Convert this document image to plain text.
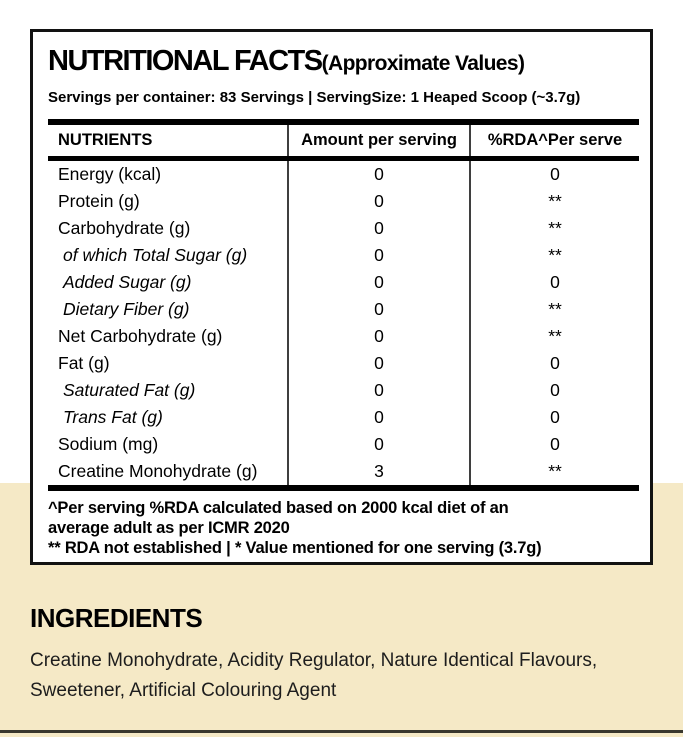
NUTRITIONAL FACTS(Approximate Values)
Servings per container: 83 Servings | ServingSize: 1 Heaped Scoop (~3.7g)
NUTRIENTS	Amount per serving	%RDA^Per serve
Energy (kcal)	0	0
Protein (g)	0	**
Carbohydrate (g)	0	**
of which Total Sugar (g)	0	**
Added Sugar (g)	0	0
Dietary Fiber (g)	0	**
Net Carbohydrate (g)	0	**
Fat (g)	0	0
Saturated Fat (g)	0	0
Trans Fat (g)	0	0
Sodium (mg)	0	0
Creatine Monohydrate (g)	3	**
^Per serving %RDA calculated based on 2000 kcal diet of an
average adult as per ICMR 2020
** RDA not established | * Value mentioned for one serving (3.7g)
INGREDIENTS
Creatine Monohydrate, Acidity Regulator, Nature Identical Flavours, Sweetener, Artificial Colouring Agent
